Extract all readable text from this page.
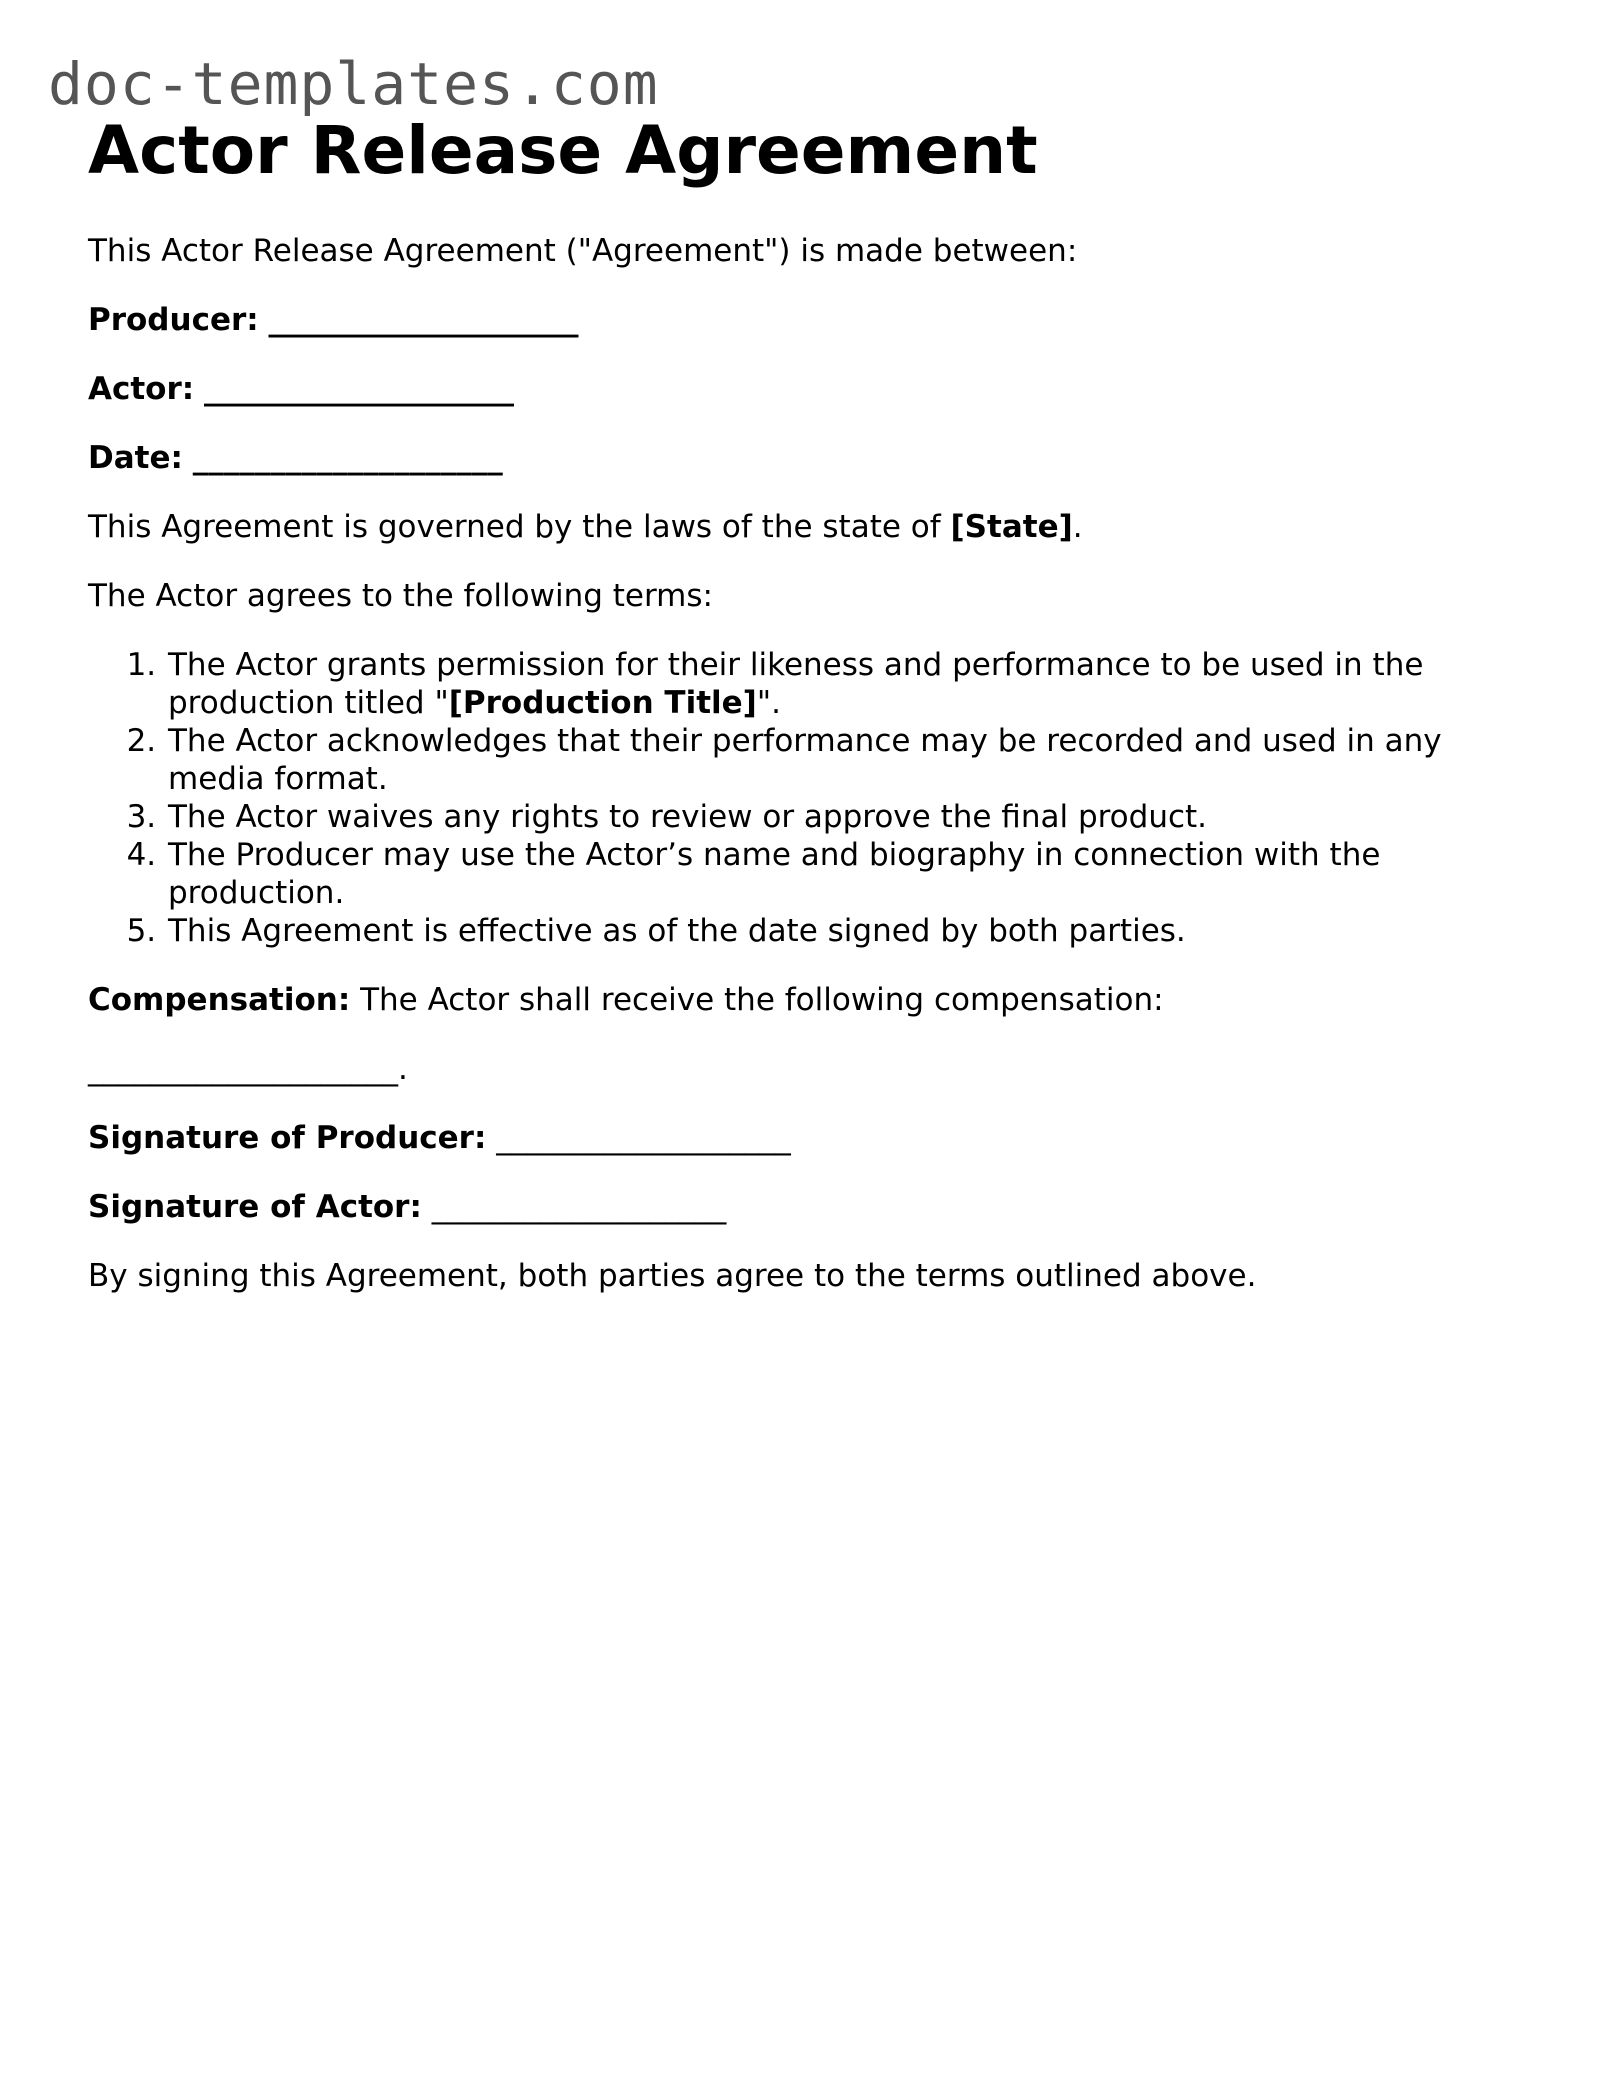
doc-templates.com
Actor Release Agreement

This Actor Release Agreement ("Agreement") is made between:

Producer: ____________________

Actor: ____________________

Date: ____________________

This Agreement is governed by the laws of the state of [State].

The Actor agrees to the following terms:

1. The Actor grants permission for their likeness and performance to be used in the production titled "[Production Title]".
2. The Actor acknowledges that their performance may be recorded and used in any media format.
3. The Actor waives any rights to review or approve the final product.
4. The Producer may use the Actor’s name and biography in connection with the production.
5. This Agreement is effective as of the date signed by both parties.

Compensation: The Actor shall receive the following compensation:

____________________.

Signature of Producer: ___________________

Signature of Actor: ___________________

By signing this Agreement, both parties agree to the terms outlined above.
